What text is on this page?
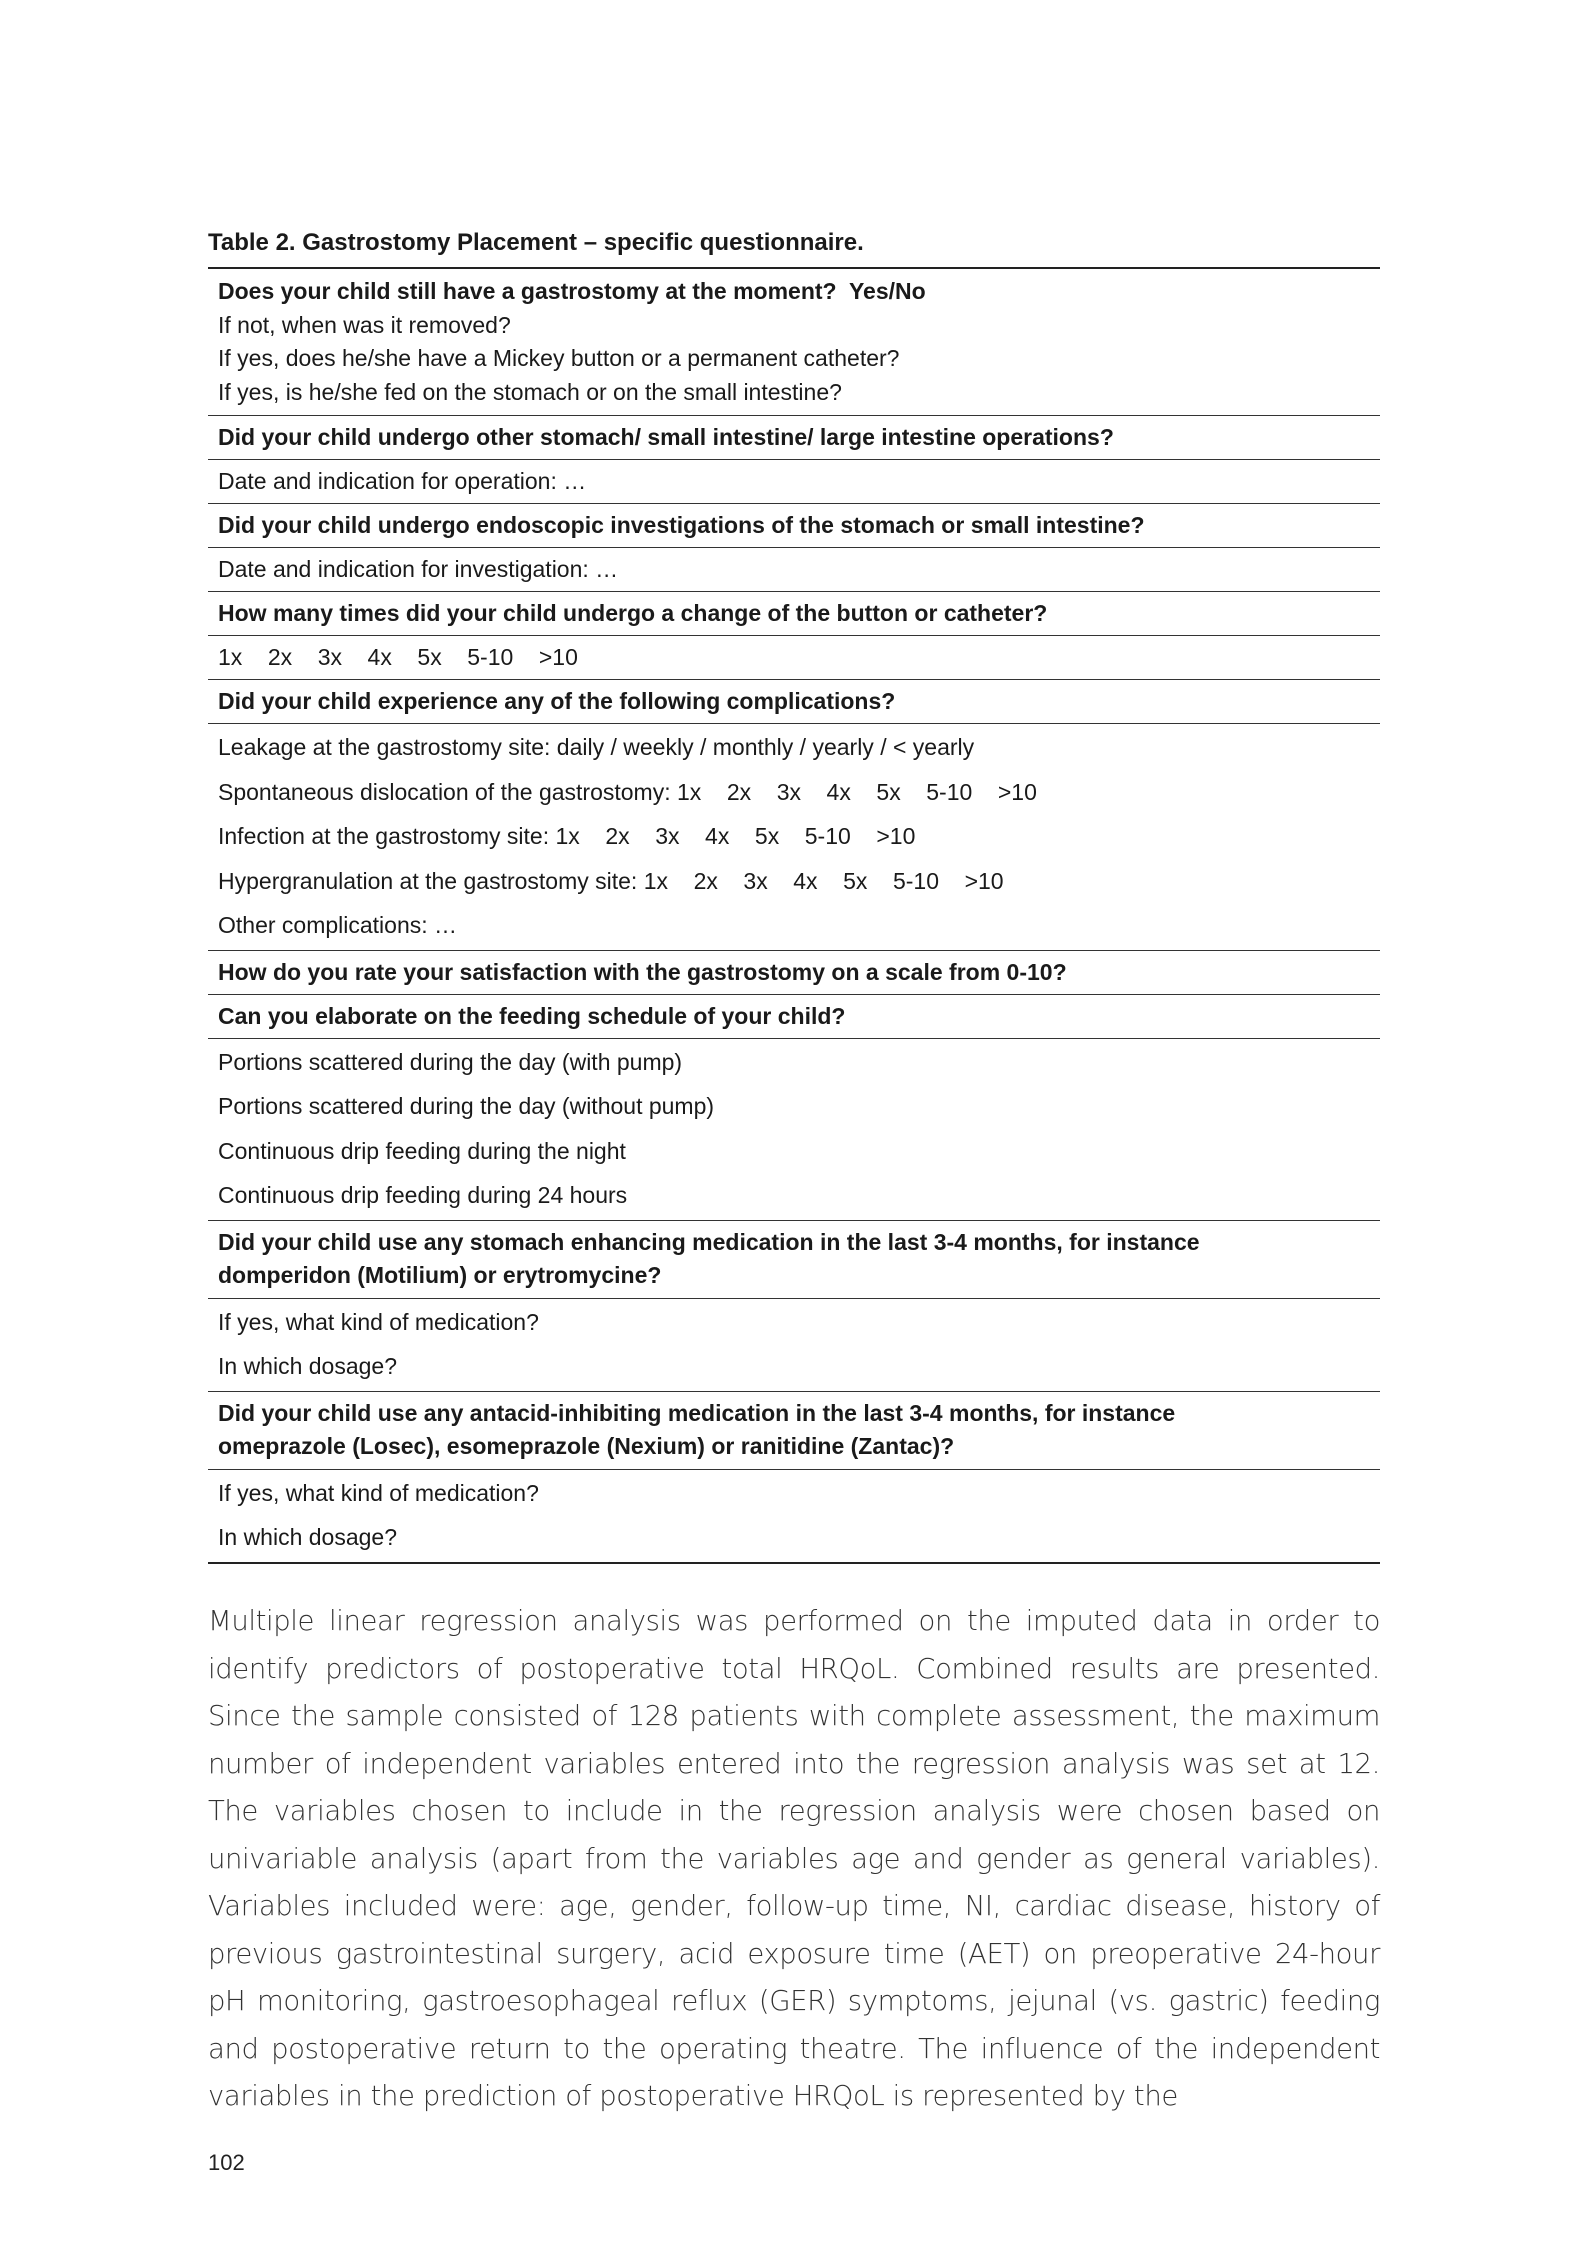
Table 2. Gastrostomy Placement – specific questionnaire.
Does your child still have a gastrostomy at the moment?  Yes/No
If not, when was it removed?
If yes, does he/she have a Mickey button or a permanent catheter?
If yes, is he/she fed on the stomach or on the small intestine?
Did your child undergo other stomach/ small intestine/ large intestine operations?
Date and indication for operation: …
Did your child undergo endoscopic investigations of the stomach or small intestine?
Date and indication for investigation: …
How many times did your child undergo a change of the button or catheter?
1x    2x    3x    4x    5x    5-10    >10
Did your child experience any of the following complications?
Leakage at the gastrostomy site: daily / weekly / monthly / yearly / < yearly
Spontaneous dislocation of the gastrostomy: 1x    2x    3x    4x    5x    5-10    >10
Infection at the gastrostomy site: 1x    2x    3x    4x    5x    5-10    >10
Hypergranulation at the gastrostomy site: 1x    2x    3x    4x    5x    5-10    >10
Other complications: …
How do you rate your satisfaction with the gastrostomy on a scale from 0-10?
Can you elaborate on the feeding schedule of your child?
Portions scattered during the day (with pump)
Portions scattered during the day (without pump)
Continuous drip feeding during the night
Continuous drip feeding during 24 hours
Did your child use any stomach enhancing medication in the last 3-4 months, for instance
domperidon (Motilium) or erytromycine?
If yes, what kind of medication?
In which dosage?
Did your child use any antacid-inhibiting medication in the last 3-4 months, for instance
omeprazole (Losec), esomeprazole (Nexium) or ranitidine (Zantac)?
If yes, what kind of medication?
In which dosage?
Multiple linear regression analysis was performed on the imputed data in order to identify predictors of postoperative total HRQoL. Combined results are presented. Since the sample consisted of 128 patients with complete assessment, the maximum number of independent variables entered into the regression analysis was set at 12. The variables chosen to include in the regression analysis were chosen based on univariable analysis (apart from the variables age and gender as general variables). Variables included were: age, gender, follow-up time, NI, cardiac disease, history of previous gastrointestinal surgery, acid exposure time (AET) on preoperative 24-hour pH monitoring, gastroesophageal reflux (GER) symptoms, jejunal (vs. gastric) feeding and postoperative return to the operating theatre. The influence of the independent variables in the prediction of postoperative HRQoL is represented by the
102
